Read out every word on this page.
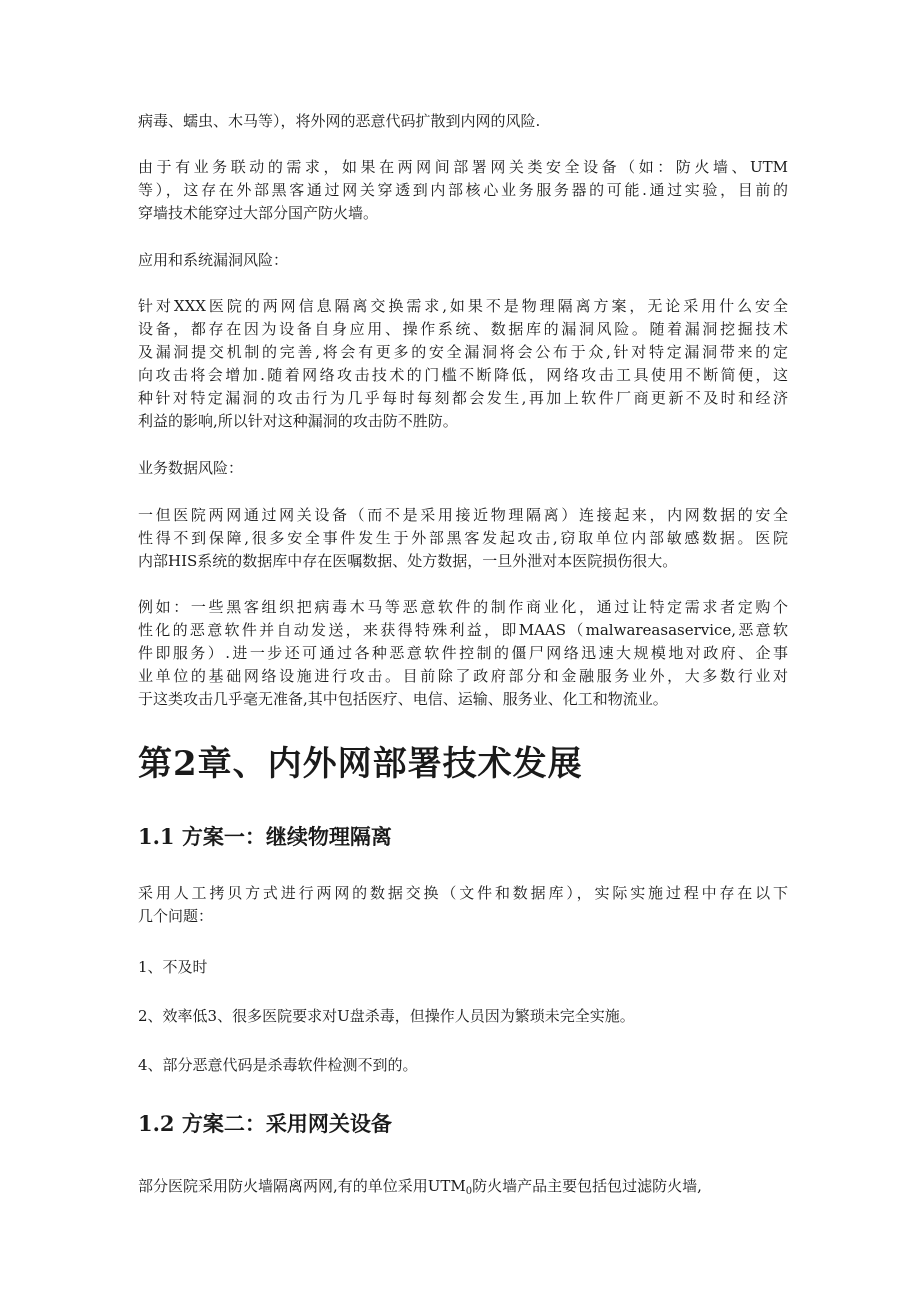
病毒、蠕虫、木马等），将外网的恶意代码扩散到内网的风险.
由于有业务联动的需求，如果在两网间部署网关类安全设备（如：防火墙、UTM
等），这存在外部黑客通过网关穿透到内部核心业务服务器的可能.通过实验，目前的
穿墙技术能穿过大部分国产防火墙。
应用和系统漏洞风险：
针对XXX医院的两网信息隔离交换需求,如果不是物理隔离方案，无论采用什么安全
设备，都存在因为设备自身应用、操作系统、数据库的漏洞风险。随着漏洞挖掘技术
及漏洞提交机制的完善,将会有更多的安全漏洞将会公布于众,针对特定漏洞带来的定
向攻击将会增加.随着网络攻击技术的门槛不断降低，网络攻击工具使用不断简便，这
种针对特定漏洞的攻击行为几乎每时每刻都会发生,再加上软件厂商更新不及时和经济
利益的影响,所以针对这种漏洞的攻击防不胜防。
业务数据风险：
一但医院两网通过网关设备（而不是采用接近物理隔离）连接起来，内网数据的安全
性得不到保障,很多安全事件发生于外部黑客发起攻击,窃取单位内部敏感数据。医院
内部HIS系统的数据库中存在医嘱数据、处方数据，一旦外泄对本医院损伤很大。
例如：一些黑客组织把病毒木马等恶意软件的制作商业化，通过让特定需求者定购个
性化的恶意软件并自动发送，来获得特殊利益，即MAAS（malwareasaservice,恶意软
件即服务）.进一步还可通过各种恶意软件控制的僵尸网络迅速大规模地对政府、企事
业单位的基础网络设施进行攻击。目前除了政府部分和金融服务业外，大多数行业对
于这类攻击几乎毫无准备,其中包括医疗、电信、运输、服务业、化工和物流业。
第2章、内外网部署技术发展
1.1 方案一：继续物理隔离
采用人工拷贝方式进行两网的数据交换（文件和数据库），实际实施过程中存在以下
几个问题：
1、不及时
2、效率低3、很多医院要求对U盘杀毒，但操作人员因为繁琐未完全实施。
4、部分恶意代码是杀毒软件检测不到的。
1.2 方案二：采用网关设备
部分医院采用防火墙隔离两网,有的单位采用$UTM_0$防火墙产品主要包括包过滤防火墙,
